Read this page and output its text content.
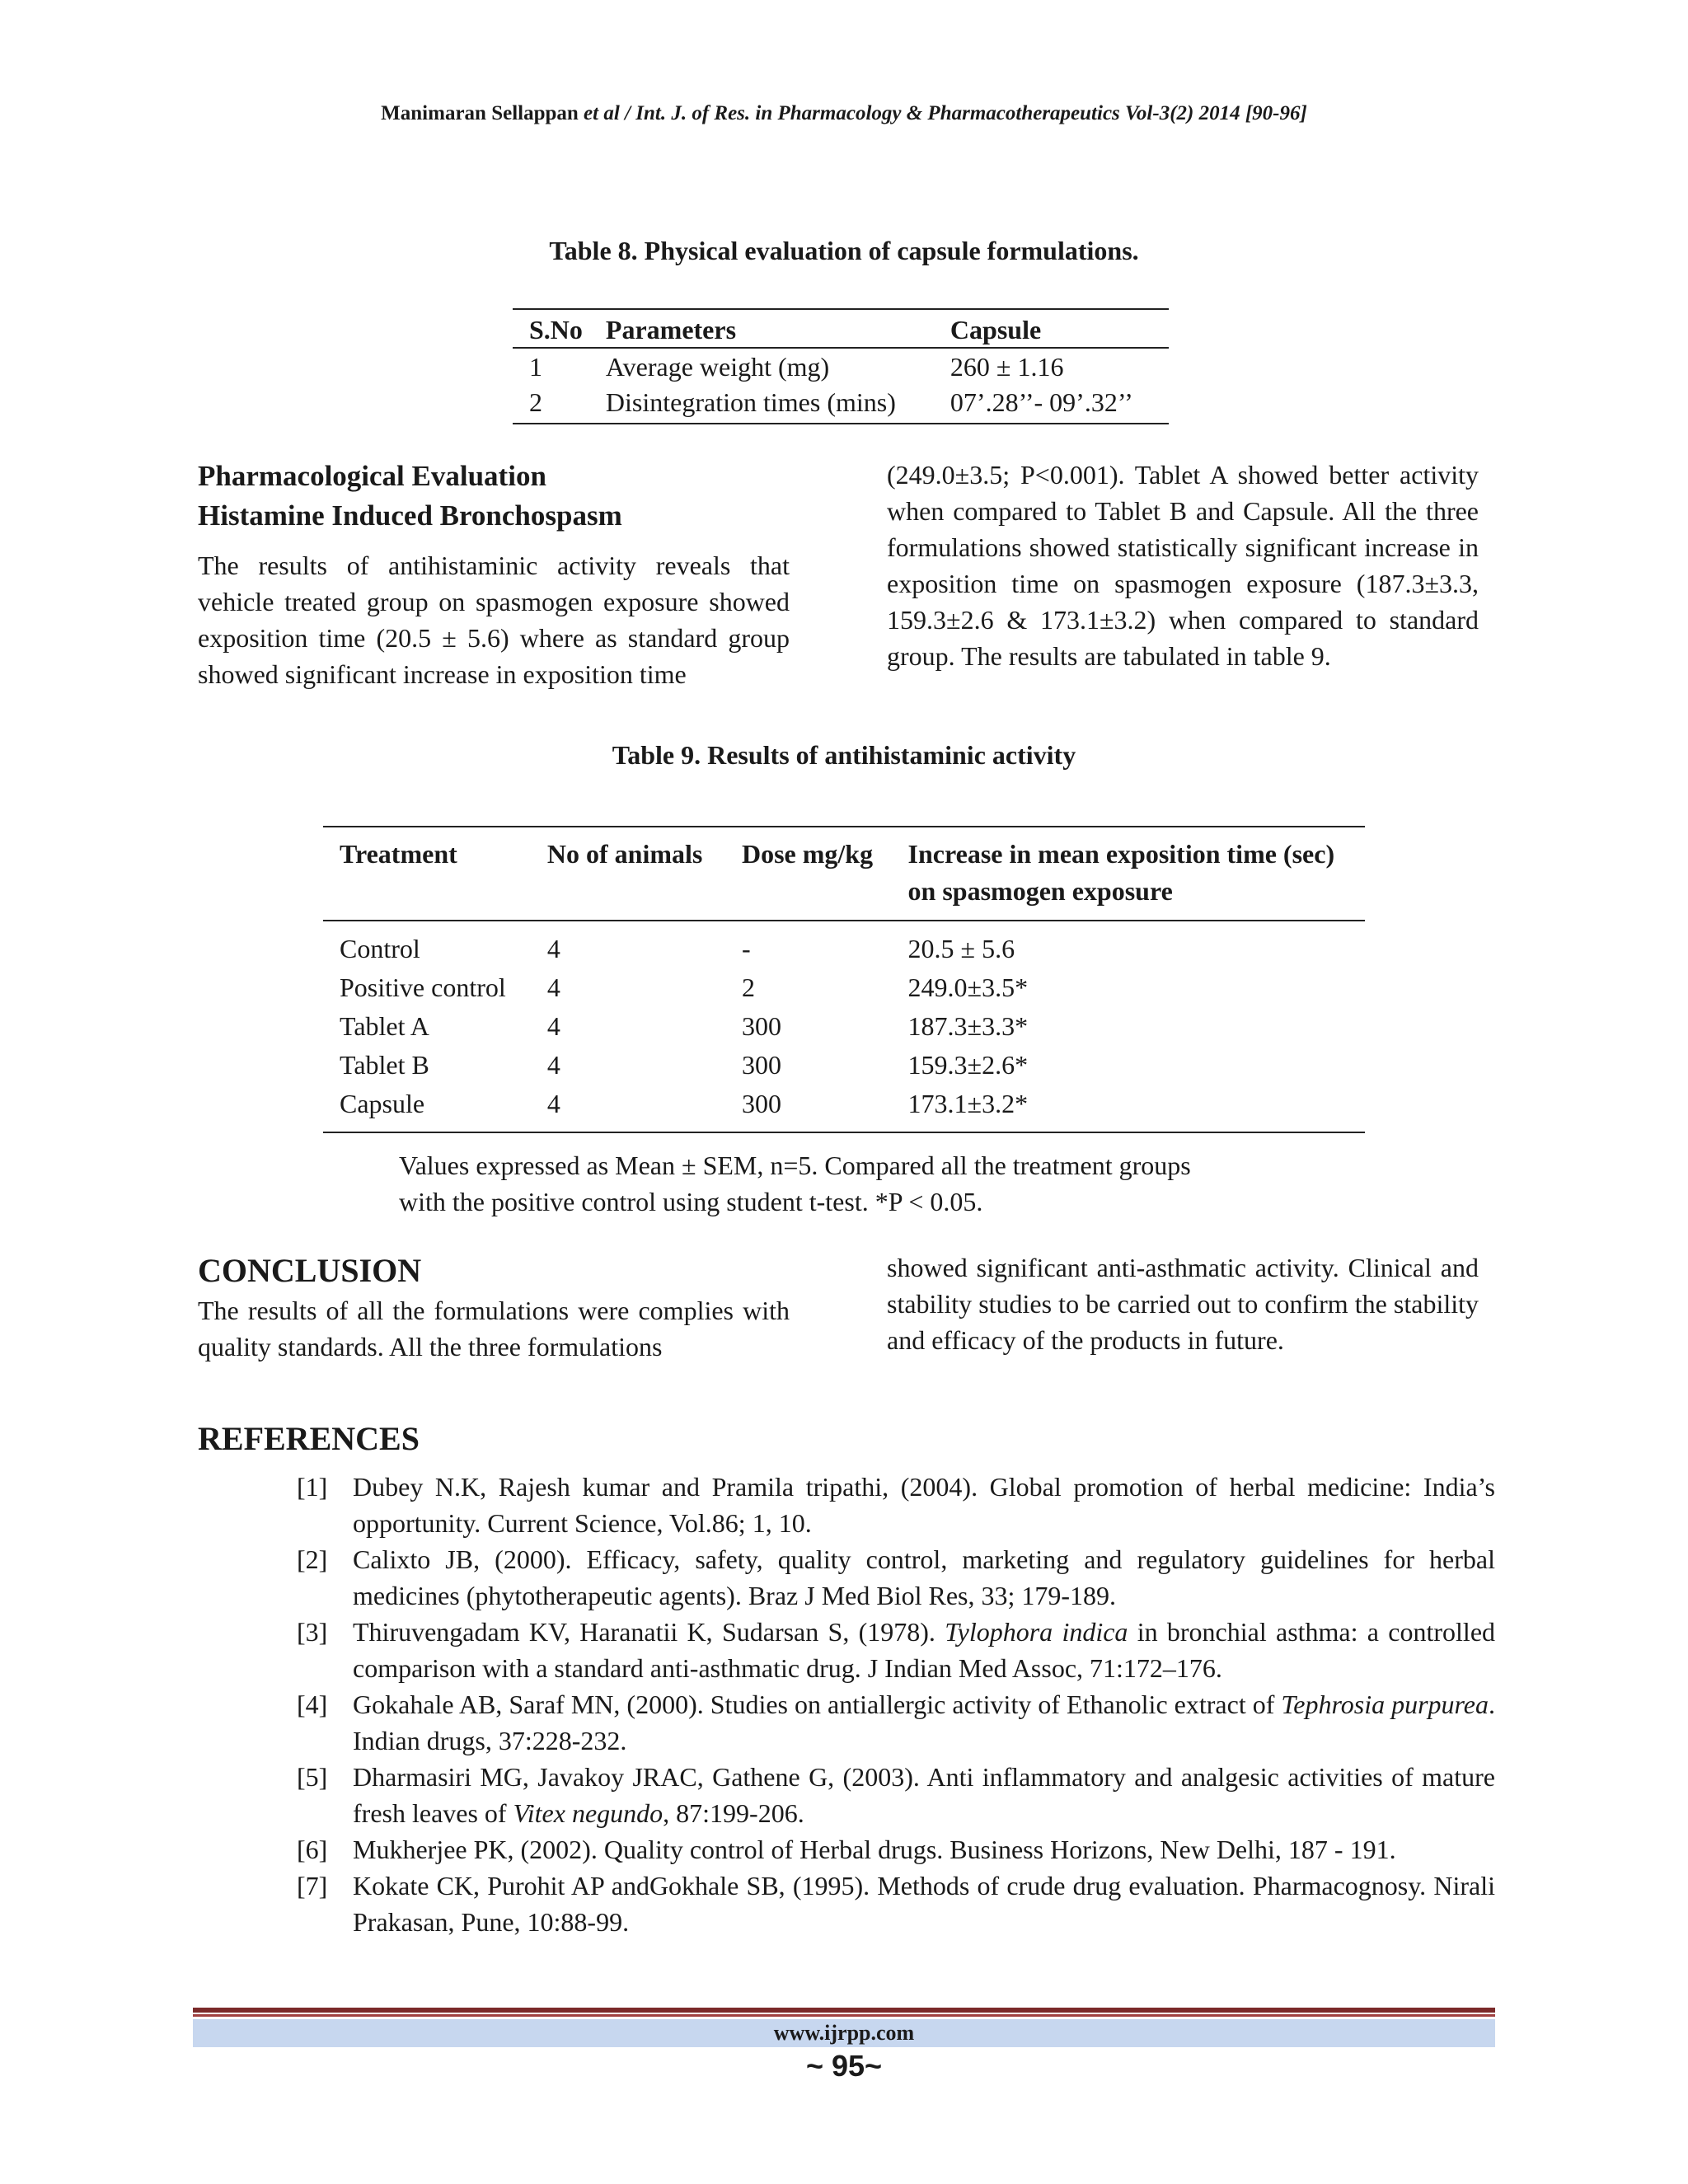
Manimaran Sellappan et al / Int. J. of Res. in Pharmacology & Pharmacotherapeutics Vol-3(2) 2014 [90-96]
Table 8. Physical evaluation of capsule formulations.
S.No	Parameters	Capsule
1	Average weight (mg)	260 ± 1.16
2	Disintegration times (mins)	07’.28’’- 09’.32’’
Pharmacological Evaluation
Histamine Induced Bronchospasm

The results of antihistaminic activity reveals that vehicle treated group on spasmogen exposure showed exposition time (20.5 ± 5.6) where as standard group showed significant increase in exposition time

(249.0±3.5; P<0.001). Tablet A showed better activity when compared to Tablet B and Capsule. All the three formulations showed statistically significant increase in exposition time on spasmogen exposure (187.3±3.3, 159.3±2.6 & 173.1±3.2) when compared to standard group. The results are tabulated in table 9.

Table 9. Results of antihistaminic activity
Treatment	No of animals	Dose mg/kg	Increase in mean exposition time (sec) on spasmogen exposure
Control	4	-	20.5 ± 5.6
Positive control	4	2	249.0±3.5*
Tablet A	4	300	187.3±3.3*
Tablet B	4	300	159.3±2.6*
Capsule	4	300	173.1±3.2*
Values expressed as Mean ± SEM, n=5. Compared all the treatment groups
with the positive control using student t-test. *P < 0.05.
CONCLUSION

The results of all the formulations were complies with quality standards. All the three formulations

showed significant anti-asthmatic activity. Clinical and stability studies to be carried out to confirm the stability and efficacy of the products in future.

REFERENCES
[1] Dubey N.K, Rajesh kumar and Pramila tripathi, (2004). Global promotion of herbal medicine: India’s opportunity. Current Science, Vol.86; 1, 10.
[2] Calixto JB, (2000). Efficacy, safety, quality control, marketing and regulatory guidelines for herbal medicines (phytotherapeutic agents). Braz J Med Biol Res, 33; 179-189.
[3] Thiruvengadam KV, Haranatii K, Sudarsan S, (1978). Tylophora indica in bronchial asthma: a controlled comparison with a standard anti-asthmatic drug. J Indian Med Assoc, 71:172–176.
[4] Gokahale AB, Saraf MN, (2000). Studies on antiallergic activity of Ethanolic extract of Tephrosia purpurea. Indian drugs, 37:228-232.
[5] Dharmasiri MG, Javakoy JRAC, Gathene G, (2003). Anti inflammatory and analgesic activities of mature fresh leaves of Vitex negundo, 87:199-206.
[6] Mukherjee PK, (2002). Quality control of Herbal drugs. Business Horizons, New Delhi, 187 - 191.
[7] Kokate CK, Purohit AP andGokhale SB, (1995). Methods of crude drug evaluation. Pharmacognosy. Nirali Prakasan, Pune, 10:88-99.
www.ijrpp.com
~ 95~
